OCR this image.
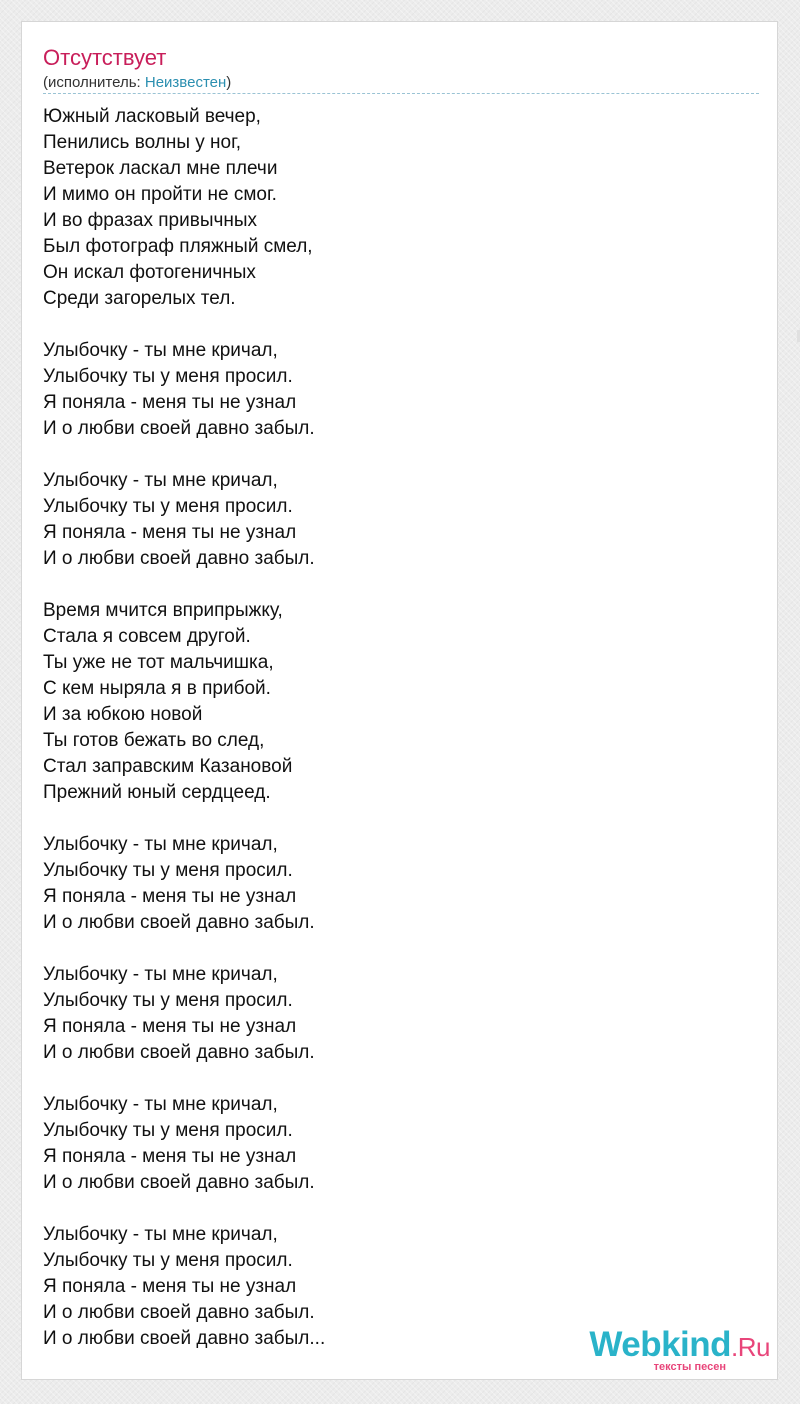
Отсутствует
(исполнитель: Неизвестен)
Южный ласковый вечер,
Пенились волны у ног,
Ветерок ласкал мне плечи
И мимо он пройти не смог.
И во фразах привычных
Был фотограф пляжный смел,
Он искал фотогеничных
Среди загорелых тел.
Улыбочку - ты мне кричал,
Улыбочку ты у меня просил.
Я поняла - меня ты не узнал
И о любви своей давно забыл.
Улыбочку - ты мне кричал,
Улыбочку ты у меня просил.
Я поняла - меня ты не узнал
И о любви своей давно забыл.
Время мчится вприпрыжку,
Стала я совсем другой.
Ты уже не тот мальчишка,
С кем ныряла я в прибой.
И за юбкою новой
Ты готов бежать во след,
Стал заправским Казановой
Прежний юный сердцеед.
Улыбочку - ты мне кричал,
Улыбочку ты у меня просил.
Я поняла - меня ты не узнал
И о любви своей давно забыл.
Улыбочку - ты мне кричал,
Улыбочку ты у меня просил.
Я поняла - меня ты не узнал
И о любви своей давно забыл.
Улыбочку - ты мне кричал,
Улыбочку ты у меня просил.
Я поняла - меня ты не узнал
И о любви своей давно забыл.
Улыбочку - ты мне кричал,
Улыбочку ты у меня просил.
Я поняла - меня ты не узнал
И о любви своей давно забыл.
И о любви своей давно забыл...	Webkind.Ru
тексты песен
